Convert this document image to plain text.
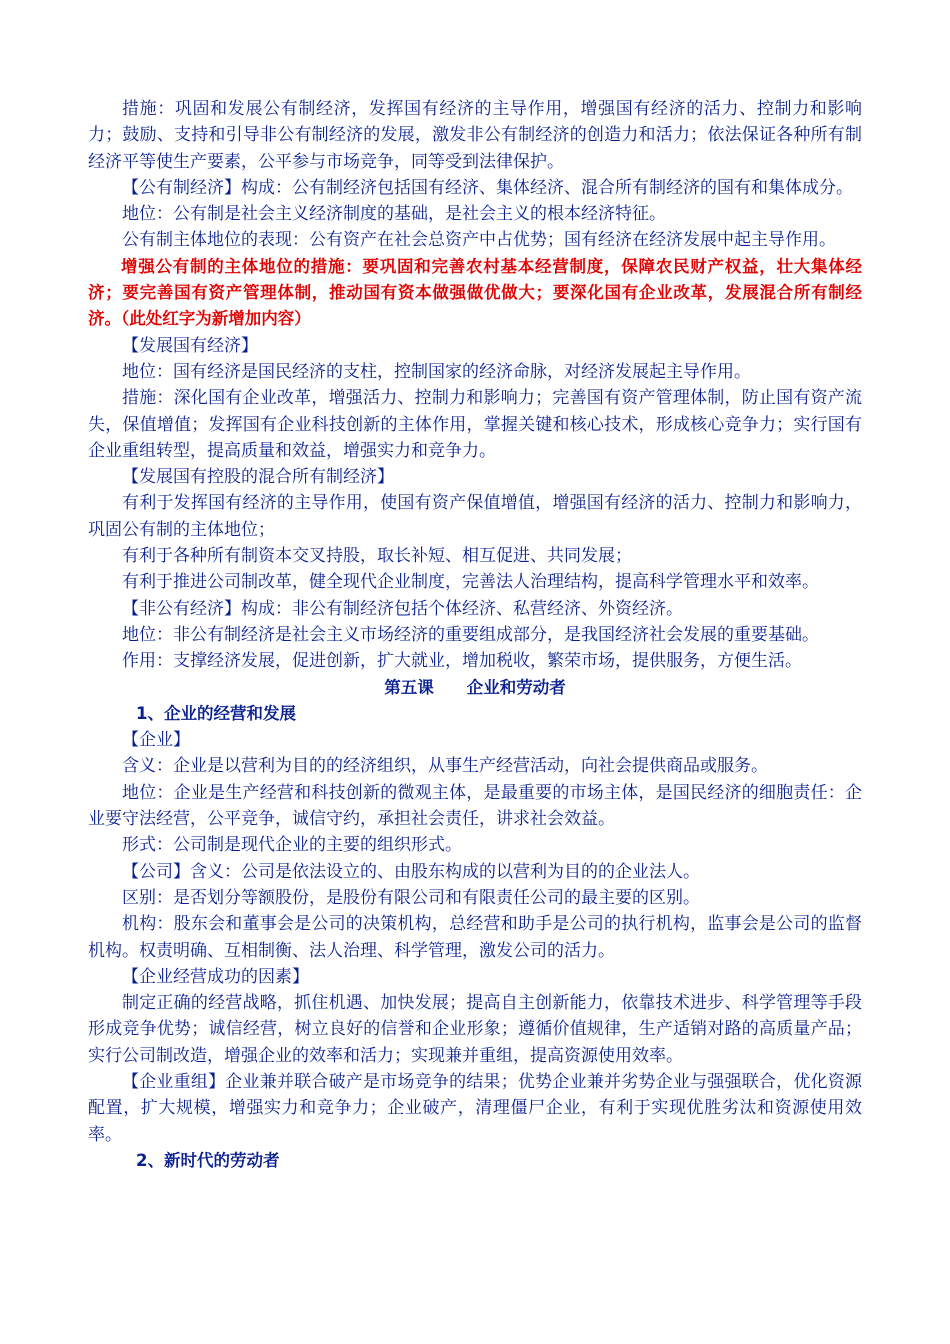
措施：巩固和发展公有制经济，发挥国有经济的主导作用，增强国有经济的活力、控制力和影响力；鼓励、支持和引导非公有制经济的发展，激发非公有制经济的创造力和活力；依法保证各种所有制经济平等使生产要素，公平参与市场竞争，同等受到法律保护。

【公有制经济】构成：公有制经济包括国有经济、集体经济、混合所有制经济的国有和集体成分。

地位：公有制是社会主义经济制度的基础，是社会主义的根本经济特征。

公有制主体地位的表现：公有资产在社会总资产中占优势；国有经济在经济发展中起主导作用。

增强公有制的主体地位的措施：要巩固和完善农村基本经营制度，保障农民财产权益，壮大集体经济；要完善国有资产管理体制，推动国有资本做强做优做大；要深化国有企业改革，发展混合所有制经济。（此处红字为新增加内容）

【发展国有经济】

地位：国有经济是国民经济的支柱，控制国家的经济命脉，对经济发展起主导作用。

措施：深化国有企业改革，增强活力、控制力和影响力；完善国有资产管理体制，防止国有资产流失，保值增值；发挥国有企业科技创新的主体作用，掌握关键和核心技术，形成核心竞争力；实行国有企业重组转型，提高质量和效益，增强实力和竞争力。

【发展国有控股的混合所有制经济】

有利于发挥国有经济的主导作用，使国有资产保值增值，增强国有经济的活力、控制力和影响力，巩固公有制的主体地位；

有利于各种所有制资本交叉持股，取长补短、相互促进、共同发展；

有利于推进公司制改革，健全现代企业制度，完善法人治理结构，提高科学管理水平和效率。

【非公有经济】构成：非公有制经济包括个体经济、私营经济、外资经济。

地位：非公有制经济是社会主义市场经济的重要组成部分，是我国经济社会发展的重要基础。

作用：支撑经济发展，促进创新，扩大就业，增加税收，繁荣市场，提供服务，方便生活。

第五课　　企业和劳动者

1、企业的经营和发展

【企业】

含义：企业是以营利为目的的经济组织，从事生产经营活动，向社会提供商品或服务。

地位：企业是生产经营和科技创新的微观主体，是最重要的市场主体，是国民经济的细胞责任：企业要守法经营，公平竞争，诚信守约，承担社会责任，讲求社会效益。

形式：公司制是现代企业的主要的组织形式。

【公司】含义：公司是依法设立的、由股东构成的以营利为目的的企业法人。

区别：是否划分等额股份，是股份有限公司和有限责任公司的最主要的区别。

机构：股东会和董事会是公司的决策机构，总经营和助手是公司的执行机构，监事会是公司的监督机构。权责明确、互相制衡、法人治理、科学管理，激发公司的活力。

【企业经营成功的因素】

制定正确的经营战略，抓住机遇、加快发展；提高自主创新能力，依靠技术进步、科学管理等手段形成竞争优势；诚信经营，树立良好的信誉和企业形象；遵循价值规律，生产适销对路的高质量产品；实行公司制改造，增强企业的效率和活力；实现兼并重组，提高资源使用效率。

【企业重组】企业兼并联合破产是市场竞争的结果；优势企业兼并劣势企业与强强联合，优化资源配置，扩大规模，增强实力和竞争力；企业破产，清理僵尸企业，有利于实现优胜劣汰和资源使用效率。

2、新时代的劳动者
